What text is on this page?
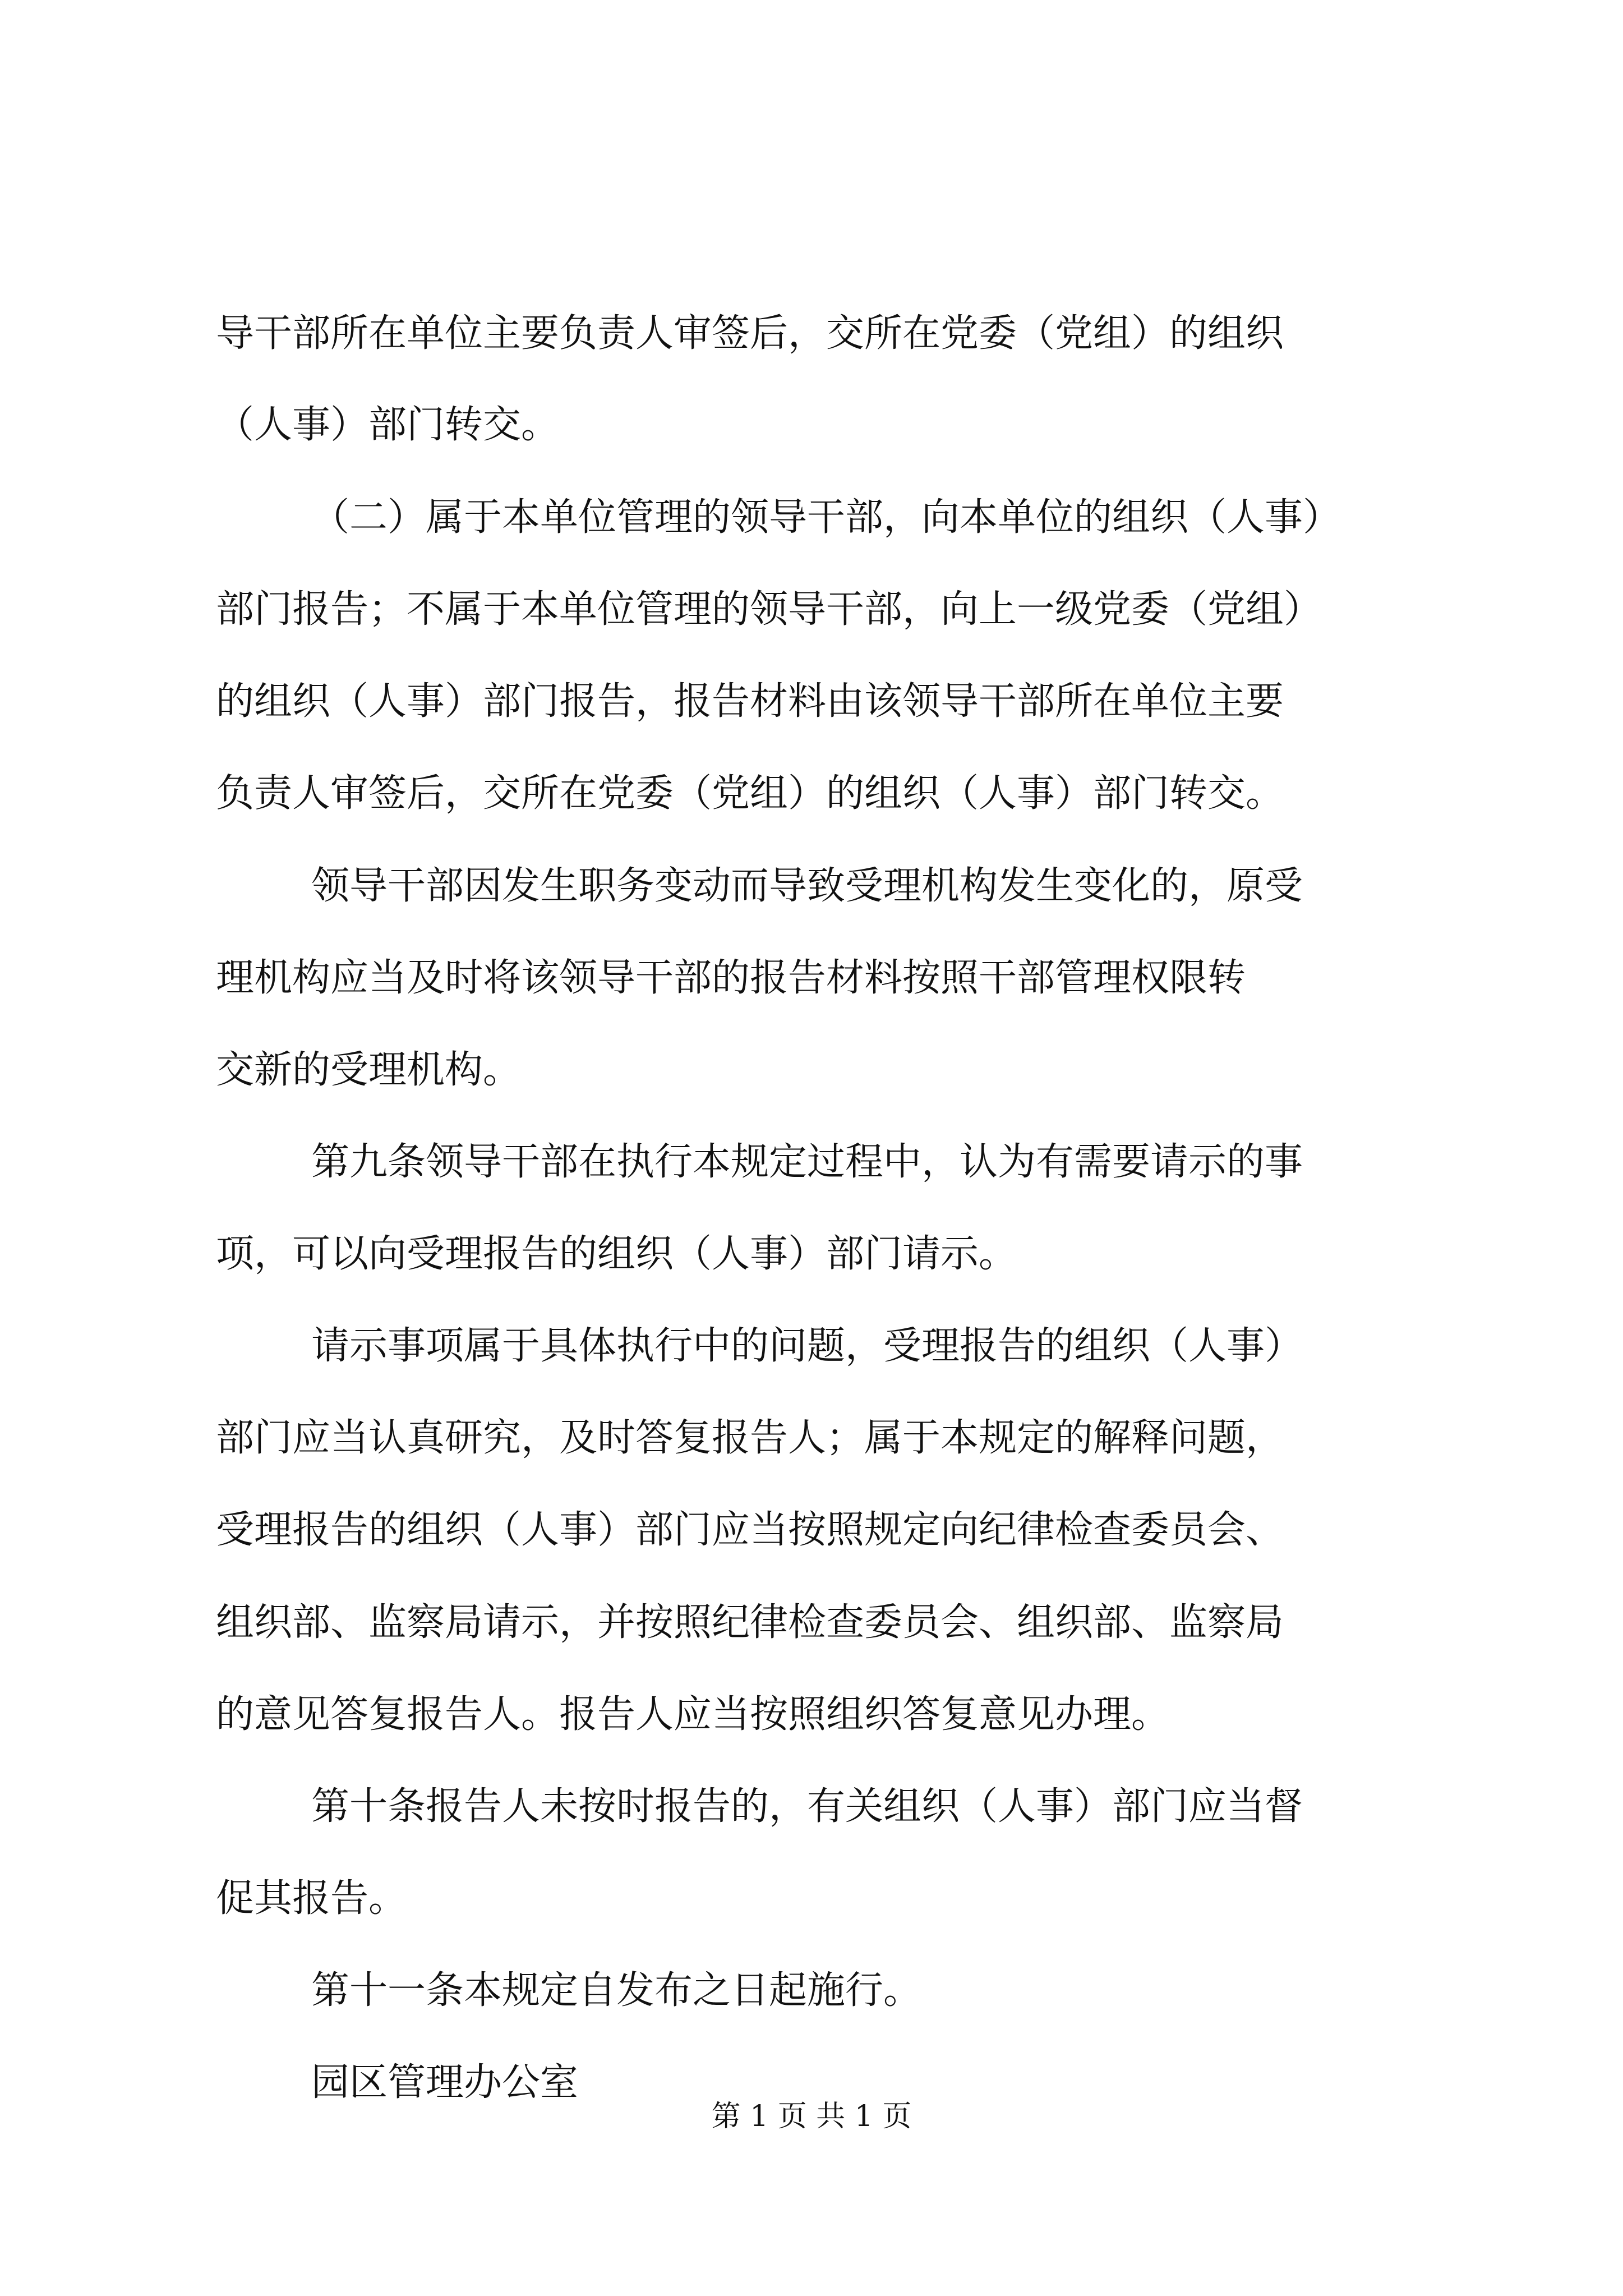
导干部所在单位主要负责人审签后，交所在党委（党组）的组织
（人事）部门转交。
（二）属于本单位管理的领导干部，向本单位的组织（人事）
部门报告；不属于本单位管理的领导干部，向上一级党委（党组）
的组织（人事）部门报告，报告材料由该领导干部所在单位主要
负责人审签后，交所在党委（党组）的组织（人事）部门转交。
领导干部因发生职务变动而导致受理机构发生变化的，原受
理机构应当及时将该领导干部的报告材料按照干部管理权限转
交新的受理机构。
第九条领导干部在执行本规定过程中，认为有需要请示的事
项，可以向受理报告的组织（人事）部门请示。
请示事项属于具体执行中的问题，受理报告的组织（人事）
部门应当认真研究，及时答复报告人；属于本规定的解释问题，
受理报告的组织（人事）部门应当按照规定向纪律检查委员会、
组织部、监察局请示，并按照纪律检查委员会、组织部、监察局
的意见答复报告人。报告人应当按照组织答复意见办理。
第十条报告人未按时报告的，有关组织（人事）部门应当督
促其报告。
第十一条本规定自发布之日起施行。
园区管理办公室
第 1 页 共 1 页
